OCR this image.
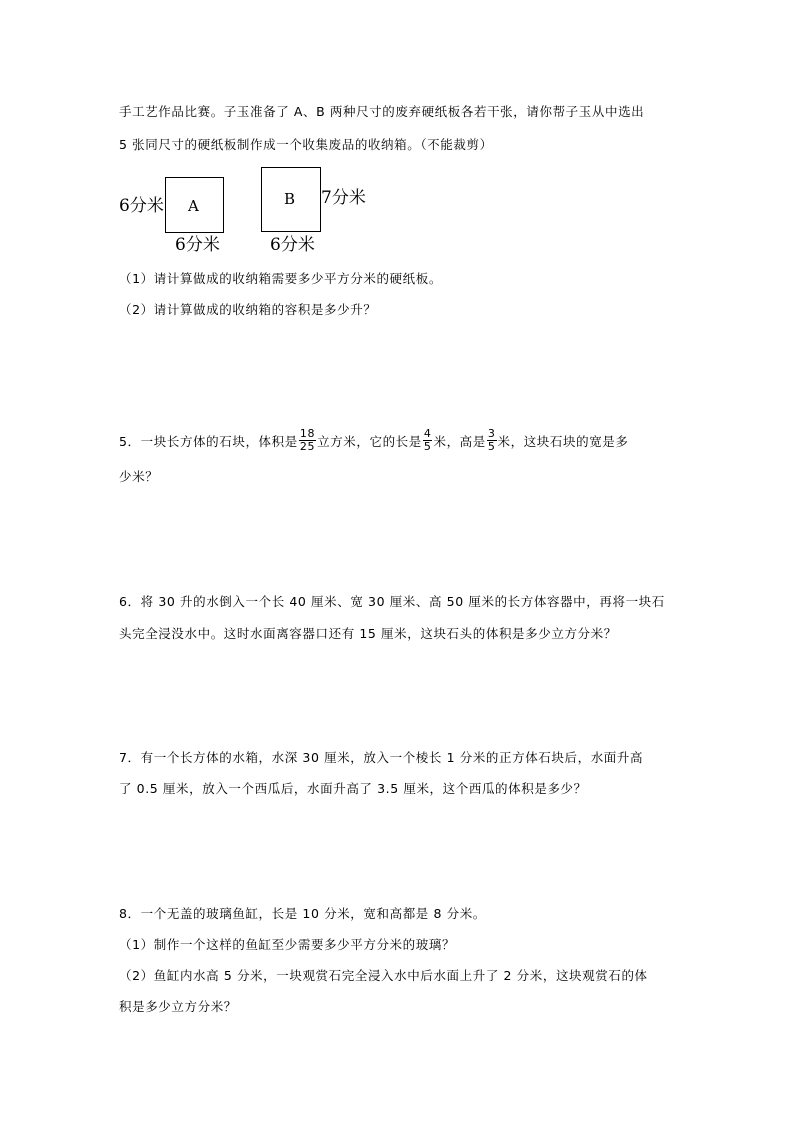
手工艺作品比赛。子玉准备了 A、B 两种尺寸的废弃硬纸板各若干张，请你帮子玉从中选出
5 张同尺寸的硬纸板制作成一个收集废品的收纳箱。（不能裁剪）
6分米 A
6分米
B 7分米
6分米
（1）请计算做成的收纳箱需要多少平方分米的硬纸板。
（2）请计算做成的收纳箱的容积是多少升？
5．一块长方体的石块，体积是 $\frac{18}{25}$ 立方米，它的长是 $\frac{4}{5}$ 米，高是 $\frac{3}{5}$ 米，这块石块的宽是多
少米？
6．将 30 升的水倒入一个长 40 厘米、宽 30 厘米、高 50 厘米的长方体容器中，再将一块石
头完全浸没水中。这时水面离容器口还有 15 厘米，这块石头的体积是多少立方分米？
7．有一个长方体的水箱，水深 30 厘米，放入一个棱长 1 分米的正方体石块后，水面升高
了 0.5 厘米，放入一个西瓜后，水面升高了 3.5 厘米，这个西瓜的体积是多少？
8．一个无盖的玻璃鱼缸，长是 10 分米，宽和高都是 8 分米。
（1）制作一个这样的鱼缸至少需要多少平方分米的玻璃？
（2）鱼缸内水高 5 分米，一块观赏石完全浸入水中后水面上升了 2 分米，这块观赏石的体
积是多少立方分米？
